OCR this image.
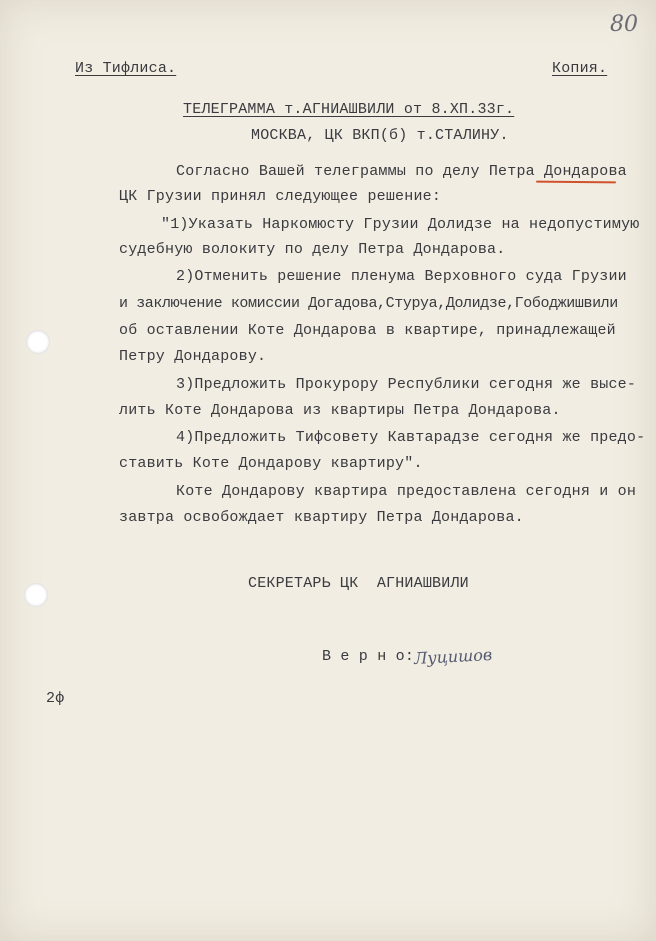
80
Из Тифлиса.	Копия.
ТЕЛЕГРАММА т.АГНИАШВИЛИ от 8.XП.33г.
МОСКВА, ЦК ВКП(б) т.СТАЛИНУ.
Согласно Вашей телеграммы по делу Петра Дондарова
ЦК Грузии принял следующее решение:
"1)Указать Наркомюсту Грузии Долидзе на недопустимую
судебную волокиту по делу Петра Дондарова.
2)Отменить решение пленума Верховного суда Грузии
и заключение комиссии Догадова,Стуруа,Долидзе,Гободжишвили
об оставлении Коте Дондарова в квартире, принадлежащей
Петру Дондарову.
3)Предложить Прокурору Республики сегодня же высе-
лить Коте Дондарова из квартиры Петра Дондарова.
4)Предложить Тифсовету Кавтарадзе сегодня же предо-
ставить Коте Дондарову квартиру".
Коте Дондарову квартира предоставлена сегодня и он
завтра освобождает квартиру Петра Дондарова.
СЕКРЕТАРЬ ЦК  АГНИАШВИЛИ
В е р н о: Луцишов
2ф
